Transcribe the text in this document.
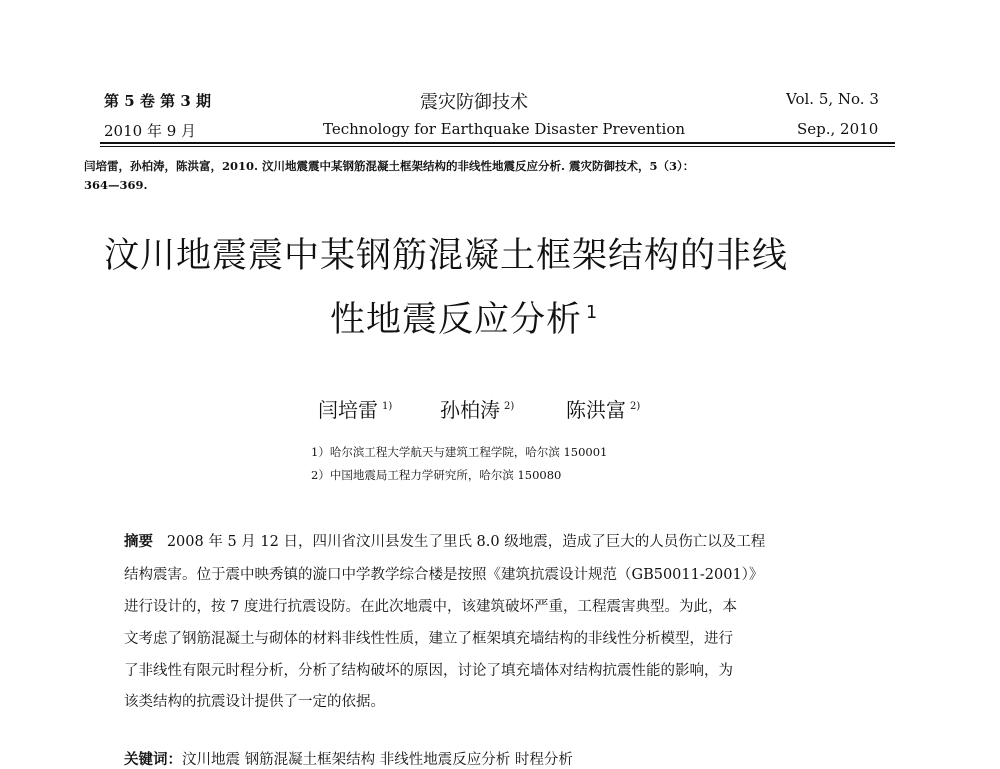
第 5 卷 第 3 期	震灾防御技术	Vol. 5, No. 3
2010 年 9 月	Technology for Earthquake Disaster Prevention	Sep., 2010
闫培雷，孙柏涛，陈洪富，2010. 汶川地震震中某钢筋混凝土框架结构的非线性地震反应分析. 震灾防御技术，5（3）：
364—369.
汶川地震震中某钢筋混凝土框架结构的非线
性地震反应分析 $^1$
闫培雷 $^{1)}$ 孙柏涛 $^{2)}$	陈洪富 $^{2)}$
1）哈尔滨工程大学航天与建筑工程学院，哈尔滨 150001
2）中国地震局工程力学研究所，哈尔滨 150080
摘要 2008 年 5 月 12 日，四川省汶川县发生了里氏 8.0 级地震，造成了巨大的人员伤亡以及工程
结构震害。位于震中映秀镇的漩口中学教学综合楼是按照《建筑抗震设计规范（GB50011-2001）》
进行设计的，按 7 度进行抗震设防。在此次地震中，该建筑破坏严重，工程震害典型。为此，本
文考虑了钢筋混凝土与砌体的材料非线性性质，建立了框架填充墙结构的非线性分析模型，进行
了非线性有限元时程分析，分析了结构破坏的原因，讨论了填充墙体对结构抗震性能的影响，为
该类结构的抗震设计提供了一定的依据。
关键词：汶川地震 钢筋混凝土框架结构 非线性地震反应分析 时程分析
